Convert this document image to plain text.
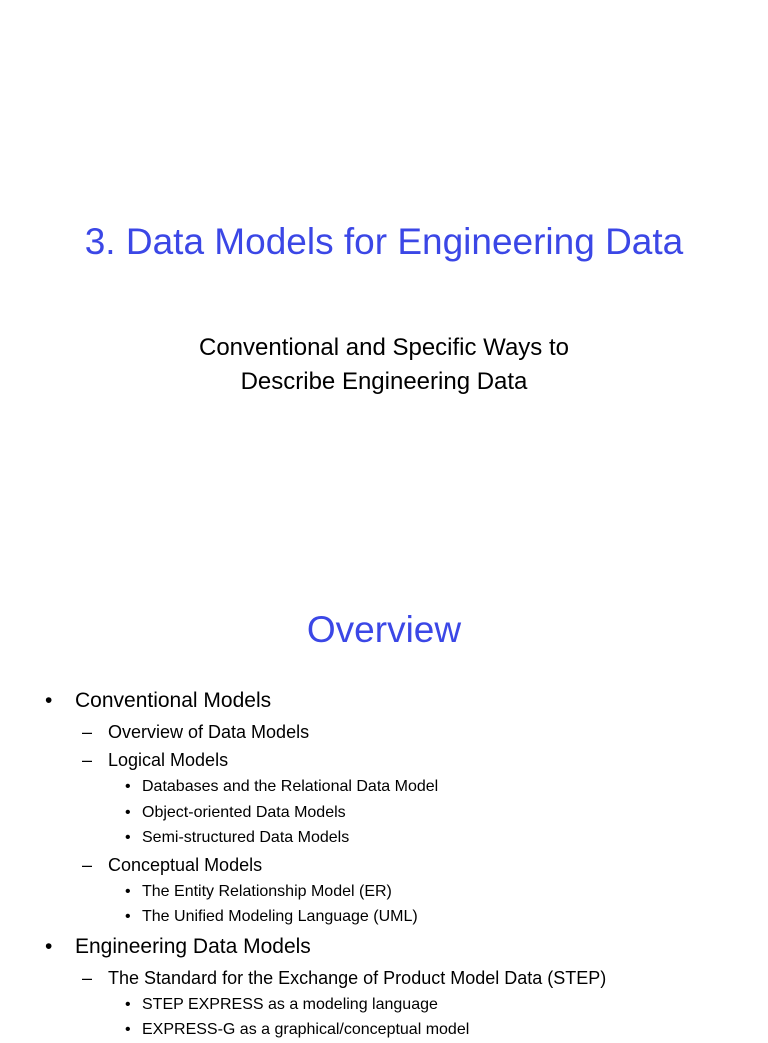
3. Data Models for Engineering Data
Conventional and Specific Ways to
Describe Engineering Data
Overview
• Conventional Models
– Overview of Data Models
– Logical Models
• Databases and the Relational Data Model
• Object-oriented Data Models
• Semi-structured Data Models
– Conceptual Models
• The Entity Relationship Model (ER)
• The Unified Modeling Language (UML)
• Engineering Data Models
– The Standard for the Exchange of Product Model Data (STEP)
• STEP EXPRESS as a modeling language
• EXPRESS-G as a graphical/conceptual model
